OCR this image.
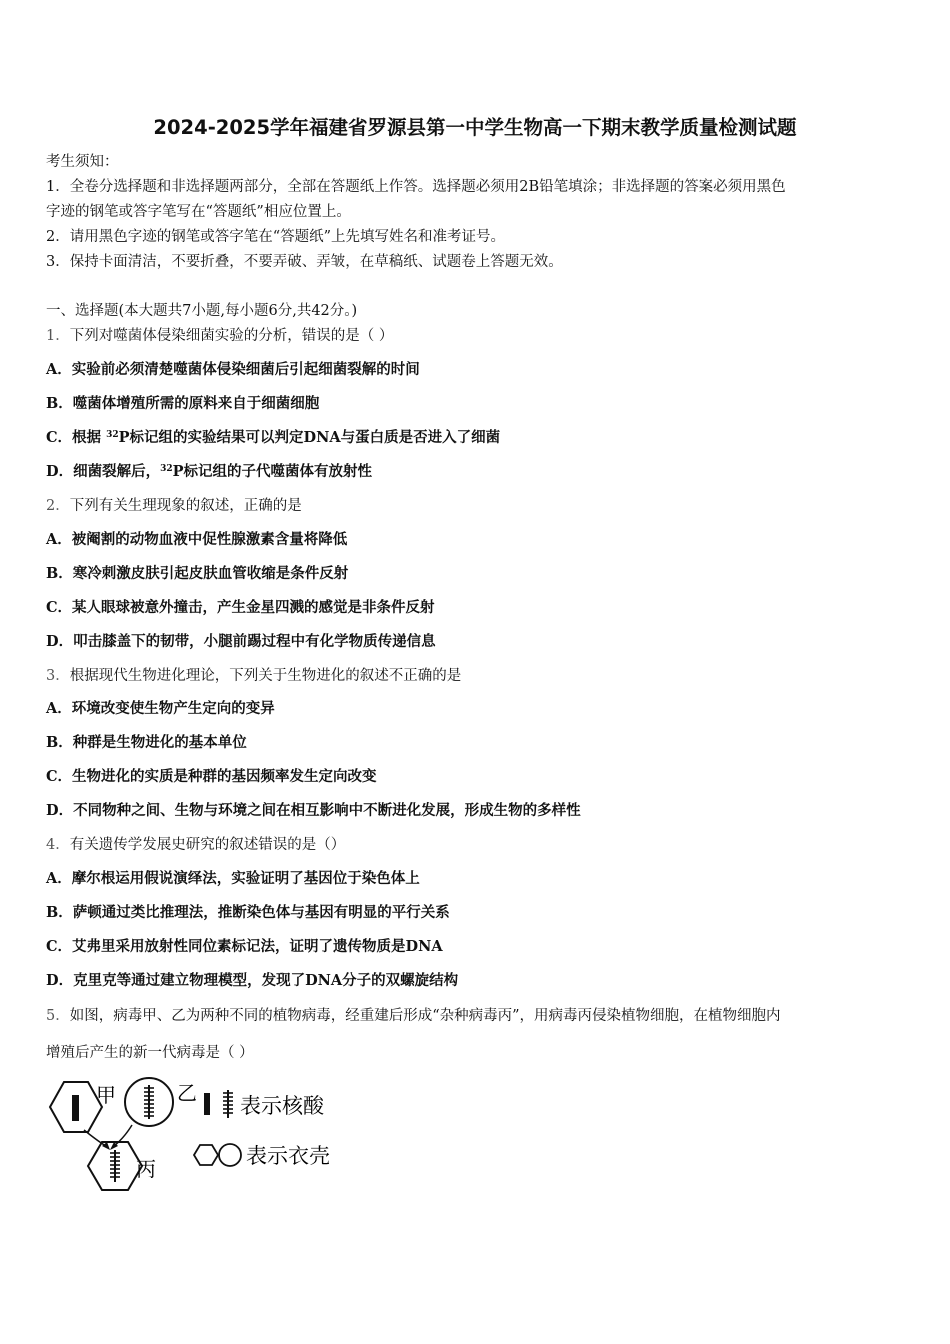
2024-2025学年福建省罗源县第一中学生物高一下期末教学质量检测试题
考生须知：
1．全卷分选择题和非选择题两部分，全部在答题纸上作答。选择题必须用2B铅笔填涂；非选择题的答案必须用黑色
字迹的钢笔或答字笔写在“答题纸”相应位置上。
2．请用黑色字迹的钢笔或答字笔在“答题纸”上先填写姓名和准考证号。
3．保持卡面清洁，不要折叠，不要弄破、弄皱，在草稿纸、试题卷上答题无效。
一、选择题(本大题共7小题,每小题6分,共42分。)
1．下列对噬菌体侵染细菌实验的分析，错误的是（ ）
A．实验前必须清楚噬菌体侵染细菌后引起细菌裂解的时间
B．噬菌体增殖所需的原料来自于细菌细胞
C．根据 $^{32}$P标记组的实验结果可以判定DNA与蛋白质是否进入了细菌
D．细菌裂解后，$^{32}$P标记组的子代噬菌体有放射性
2．下列有关生理现象的叙述，正确的是
A．被阉割的动物血液中促性腺激素含量将降低
B．寒冷刺激皮肤引起皮肤血管收缩是条件反射
C．某人眼球被意外撞击，产生金星四溅的感觉是非条件反射
D．叩击膝盖下的韧带，小腿前踢过程中有化学物质传递信息
3．根据现代生物进化理论，下列关于生物进化的叙述不正确的是
A．环境改变使生物产生定向的变异
B．种群是生物进化的基本单位
C．生物进化的实质是种群的基因频率发生定向改变
D．不同物种之间、生物与环境之间在相互影响中不断进化发展，形成生物的多样性
4．有关遗传学发展史研究的叙述错误的是（）
A．摩尔根运用假说演绎法，实验证明了基因位于染色体上
B．萨顿通过类比推理法，推断染色体与基因有明显的平行关系
C．艾弗里采用放射性同位素标记法，证明了遗传物质是DNA
D．克里克等通过建立物理模型，发现了DNA分子的双螺旋结构
5．如图，病毒甲、乙为两种不同的植物病毒，经重建后形成“杂种病毒丙”，用病毒丙侵染植物细胞，在植物细胞内
增殖后产生的新一代病毒是（ ）
甲	乙
丙
表示核酸
表示衣壳
